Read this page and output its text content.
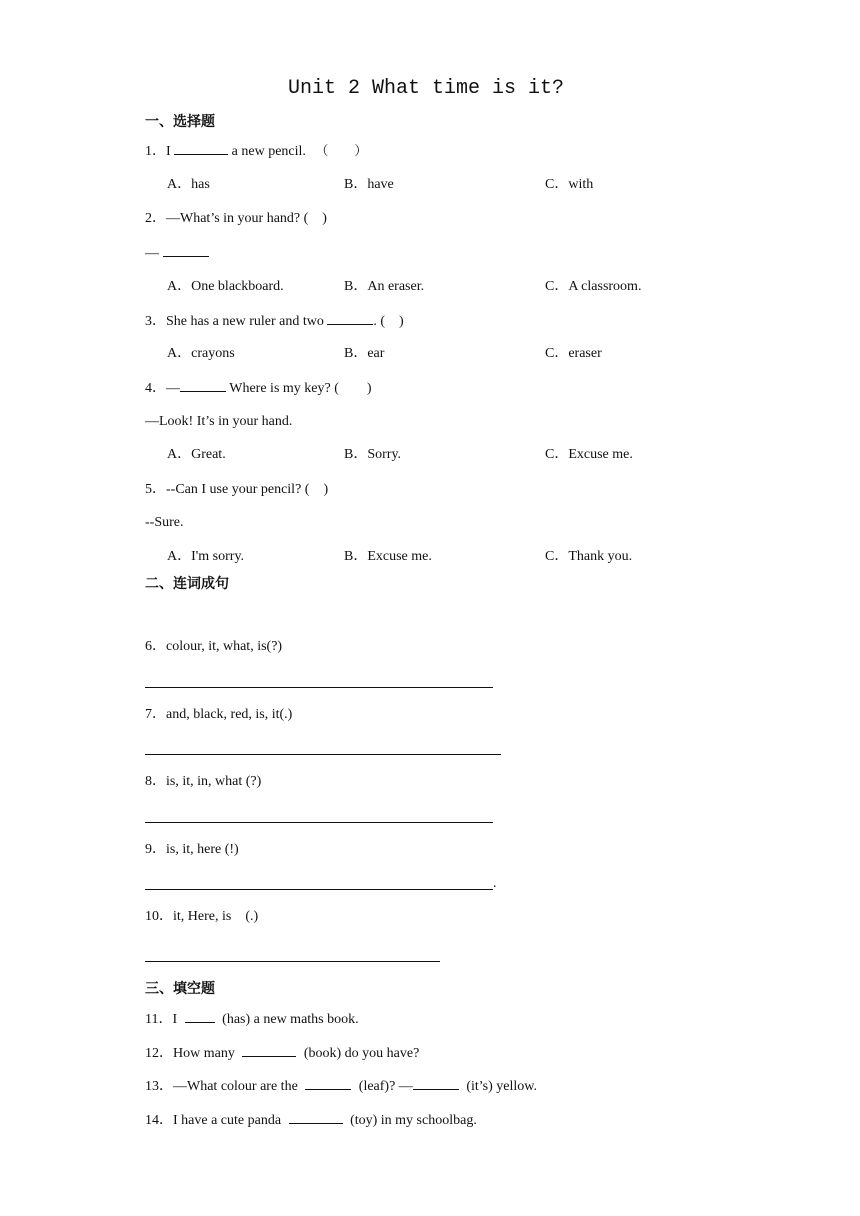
Unit 2 What time is it?
一、选择题
1．I	a new pencil. （　　）
A．has	B．have	C．with
2．—What’s in your hand? (　)
—
A．One blackboard.	B．An eraser.	C．A classroom.
3．She has a new ruler and two	. (　)
A．crayons	B．ear	C．eraser
4．—	Where is my key? (　　)
—Look! It’s in your hand.
A．Great.	B．Sorry.	C．Excuse me.
5．--Can I use your pencil? (　)
--Sure.
A．I'm sorry.	B．Excuse me.	C．Thank you.
二、连词成句
6．colour, it, what, is(?)
7．and, black, red, is, it(.)
8．is, it, in, what (?)
9．is, it, here (!)
.
10．it, Here, is　(.)
三、填空题
11．I	(has) a new maths book.
12．How many	(book) do you have?
13．—What colour are the	(leaf)? —	(it’s) yellow.
14．I have a cute panda	(toy) in my schoolbag.
